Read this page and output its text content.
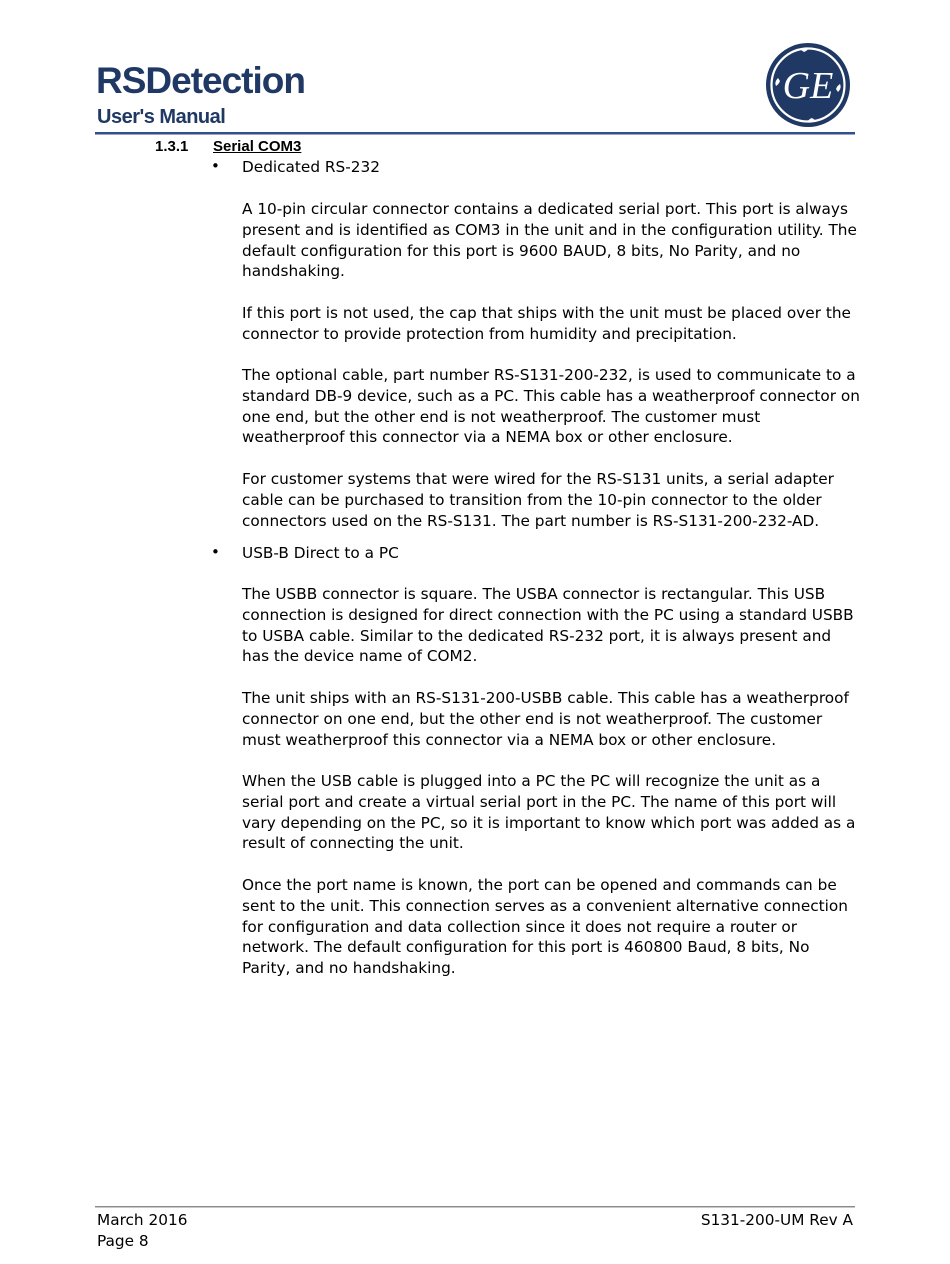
RSDetection
User's Manual
GE
1.3.1 Serial COM3
• Dedicated RS-232

A 10-pin circular connector contains a dedicated serial port. This port is always present and is identified as COM3 in the unit and in the configuration utility. The default configuration for this port is 9600 BAUD, 8 bits, No Parity, and no handshaking.

If this port is not used, the cap that ships with the unit must be placed over the connector to provide protection from humidity and precipitation.

The optional cable, part number RS-S131-200-232, is used to communicate to a standard DB-9 device, such as a PC. This cable has a weatherproof connector on one end, but the other end is not weatherproof. The customer must weatherproof this connector via a NEMA box or other enclosure.

For customer systems that were wired for the RS-S131 units, a serial adapter cable can be purchased to transition from the 10-pin connector to the older connectors used on the RS-S131. The part number is RS-S131-200-232-AD.

• USB-B Direct to a PC

The USBB connector is square. The USBA connector is rectangular. This USB connection is designed for direct connection with the PC using a standard USBB to USBA cable. Similar to the dedicated RS-232 port, it is always present and has the device name of COM2.

The unit ships with an RS-S131-200-USBB cable. This cable has a weatherproof connector on one end, but the other end is not weatherproof. The customer must weatherproof this connector via a NEMA box or other enclosure.

When the USB cable is plugged into a PC the PC will recognize the unit as a serial port and create a virtual serial port in the PC. The name of this port will vary depending on the PC, so it is important to know which port was added as a result of connecting the unit.

Once the port name is known, the port can be opened and commands can be sent to the unit. This connection serves as a convenient alternative connection for configuration and data collection since it does not require a router or network. The default configuration for this port is 460800 Baud, 8 bits, No Parity, and no handshaking.

March 2016
Page 8
S131-200-UM Rev A
